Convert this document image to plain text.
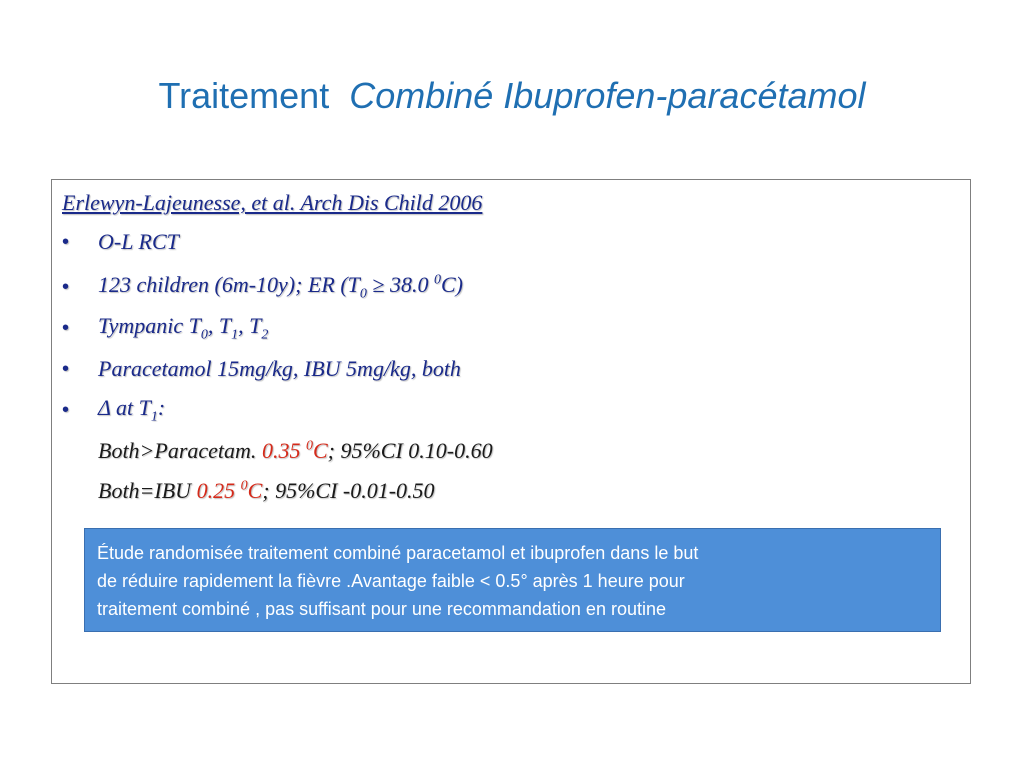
Traitement Combiné Ibuprofen-paracétamol
Erlewyn-Lajeunesse, et al. Arch Dis Child 2006
•	O-L RCT
•	123 children (6m-10y); ER ($T_0 \ge 38.0$ $^0$C)
•	Tympanic $T_0$, $T_1$, $T_2$
•	Paracetamol 15mg/kg, IBU 5mg/kg, both
•	Δ at $T_1$:
Both>Paracetam.
0.35 $^0$C ; 95%CI 0.10-0.60
Both=IBU
0.25 $^0$C ; 95%CI -0.01-0.50
Étude randomisée traitement combiné paracetamol et ibuprofen dans le but
de réduire rapidement la fièvre .Avantage faible < 0.5° après 1 heure pour
traitement combiné , pas suffisant pour une recommandation en routine
